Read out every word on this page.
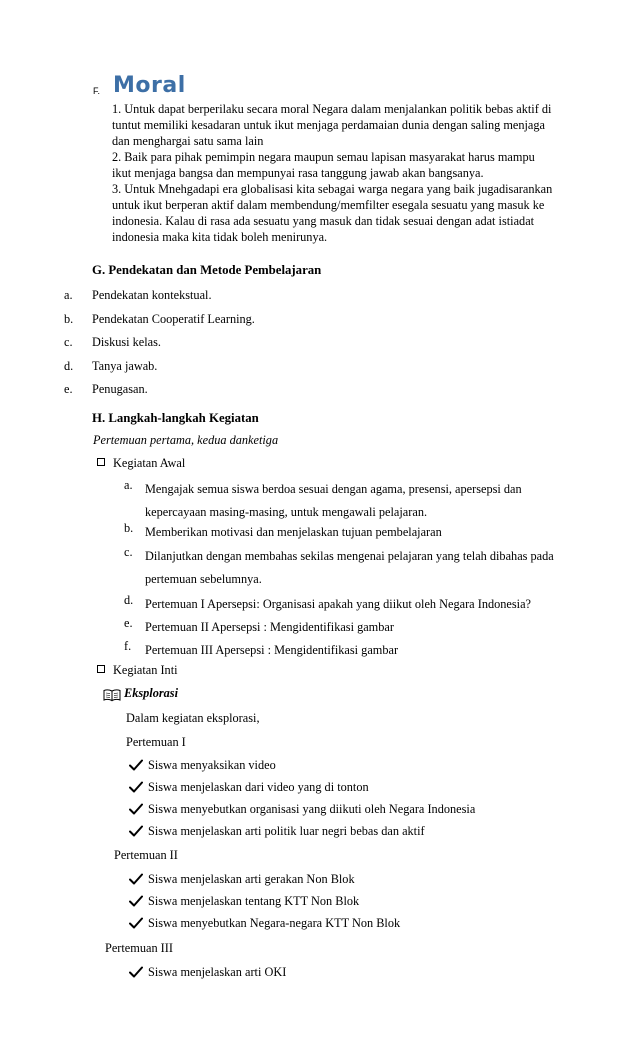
F. Moral
1. Untuk dapat berperilaku secara moral Negara dalam menjalankan politik bebas aktif di
tuntut memiliki kesadaran untuk ikut menjaga perdamaian dunia dengan saling menjaga
dan menghargai satu sama lain
2. Baik para pihak pemimpin negara maupun semau lapisan masyarakat harus mampu
ikut menjaga bangsa dan mempunyai rasa tanggung jawab akan bangsanya.
3. Untuk Mnehgadapi era globalisasi kita sebagai warga negara yang baik jugadisarankan
untuk ikut berperan aktif dalam membendung/memfilter esegala sesuatu yang masuk ke
indonesia. Kalau di rasa ada sesuatu yang masuk dan tidak sesuai dengan adat istiadat
indonesia maka kita tidak boleh menirunya.
G. Pendekatan dan Metode Pembelajaran
a. Pendekatan kontekstual.
b. Pendekatan Cooperatif Learning.
c. Diskusi kelas.
d. Tanya jawab.
e. Penugasan.
H. Langkah-langkah Kegiatan
Pertemuan pertama, kedua danketiga
Kegiatan Awal
a. Mengajak semua siswa berdoa sesuai dengan agama, presensi, apersepsi dan
kepercayaan masing-masing, untuk mengawali pelajaran.
b. Memberikan motivasi dan menjelaskan tujuan pembelajaran
c. Dilanjutkan dengan membahas sekilas mengenai pelajaran yang telah dibahas pada
pertemuan sebelumnya.
d. Pertemuan I Apersepsi: Organisasi apakah yang diikut oleh Negara Indonesia?
e. Pertemuan II Apersepsi : Mengidentifikasi gambar
f. Pertemuan III Apersepsi : Mengidentifikasi gambar
Kegiatan Inti
Eksplorasi
Dalam kegiatan eksplorasi,
Pertemuan I
Siswa menyaksikan video
Siswa menjelaskan dari video yang di tonton
Siswa menyebutkan organisasi yang diikuti oleh Negara Indonesia
Siswa menjelaskan arti politik luar negri bebas dan aktif
Pertemuan II
Siswa menjelaskan arti gerakan Non Blok
Siswa menjelaskan tentang KTT Non Blok
Siswa menyebutkan Negara-negara KTT Non Blok
Pertemuan III
Siswa menjelaskan arti OKI
